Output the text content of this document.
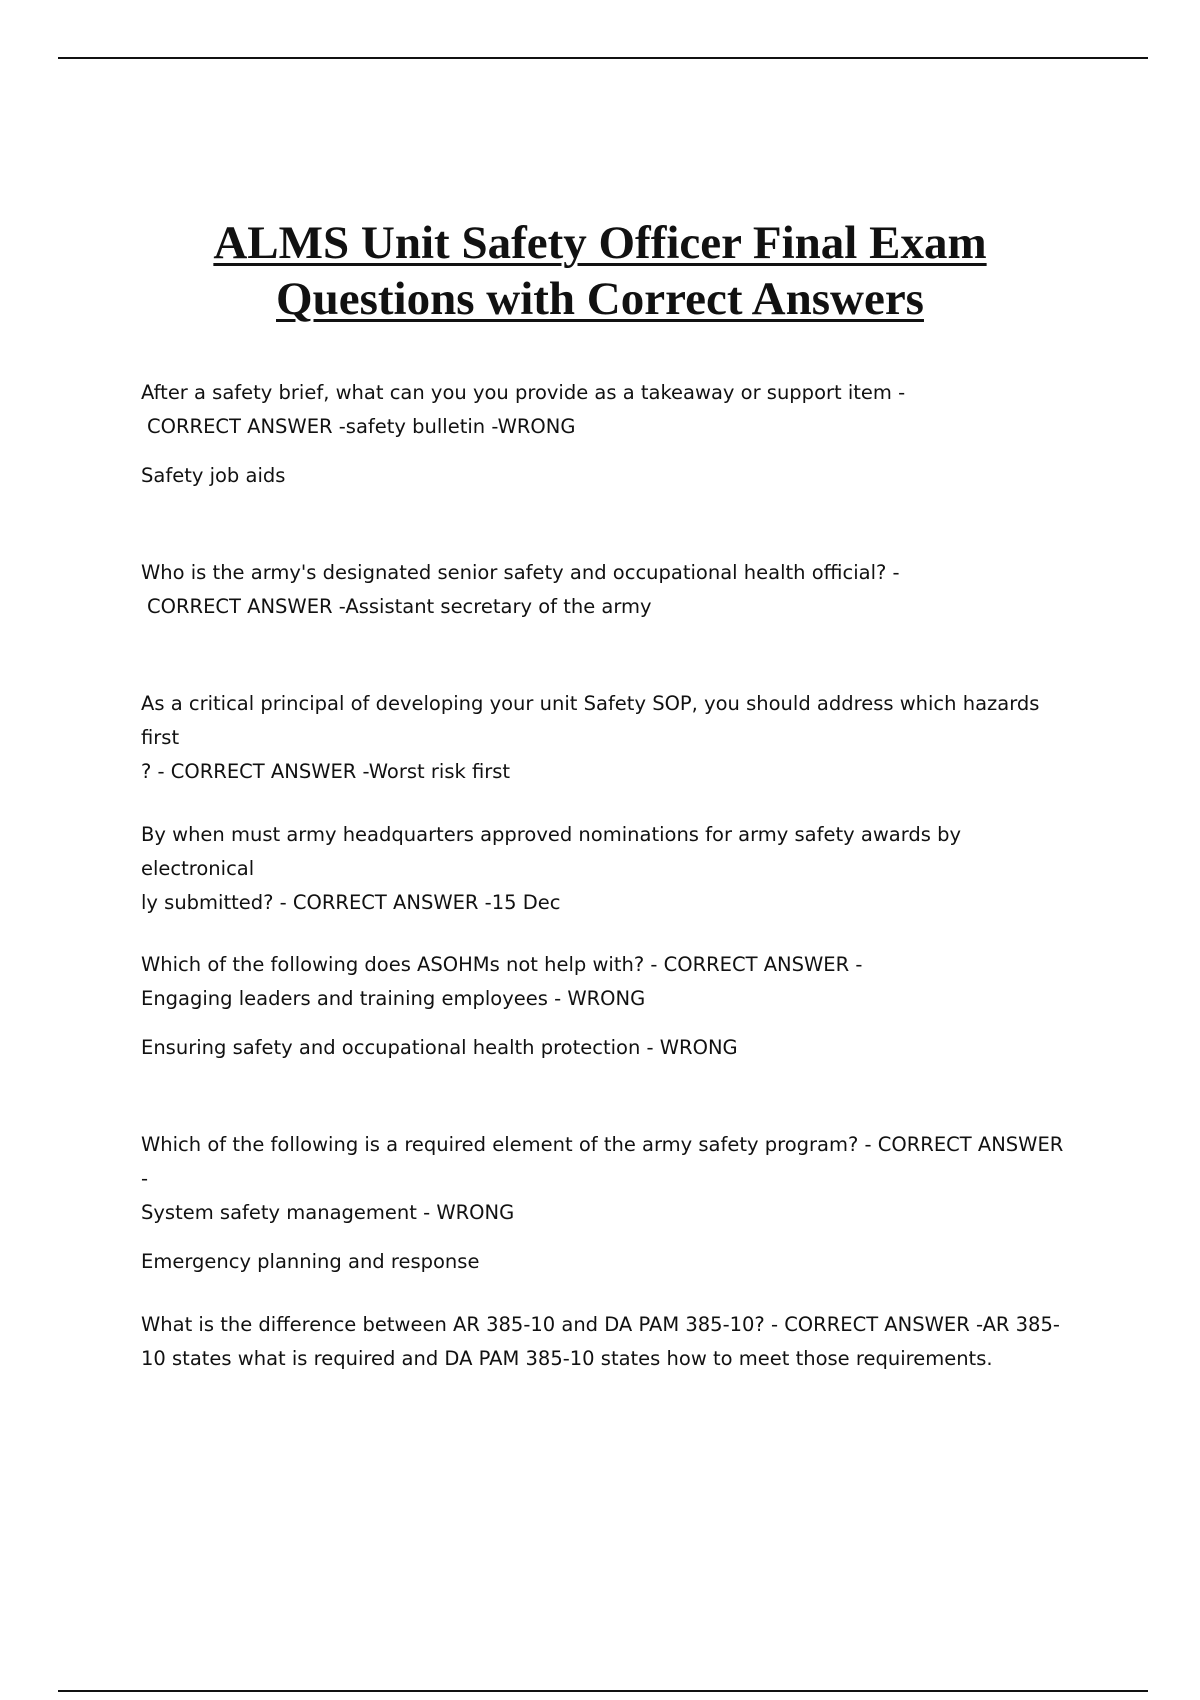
ALMS Unit Safety Officer Final Exam
Questions with Correct Answers

After a safety brief, what can you you provide as a takeaway or support item -

CORRECT ANSWER -safety bulletin -WRONG

Safety job aids

Who is the army's designated senior safety and occupational health official? -

CORRECT ANSWER -Assistant secretary of the army

As a critical principal of developing your unit Safety SOP, you should address which hazards first

? - CORRECT ANSWER -Worst risk first

By when must army headquarters approved nominations for army safety awards by electronical

ly submitted? - CORRECT ANSWER -15 Dec

Which of the following does ASOHMs not help with? - CORRECT ANSWER -

Engaging leaders and training employees - WRONG

Ensuring safety and occupational health protection - WRONG

Which of the following is a required element of the army safety program? - CORRECT ANSWER -

System safety management - WRONG

Emergency planning and response

What is the difference between AR 385-10 and DA PAM 385-10? - CORRECT ANSWER -AR 385-

10 states what is required and DA PAM 385-10 states how to meet those requirements.
